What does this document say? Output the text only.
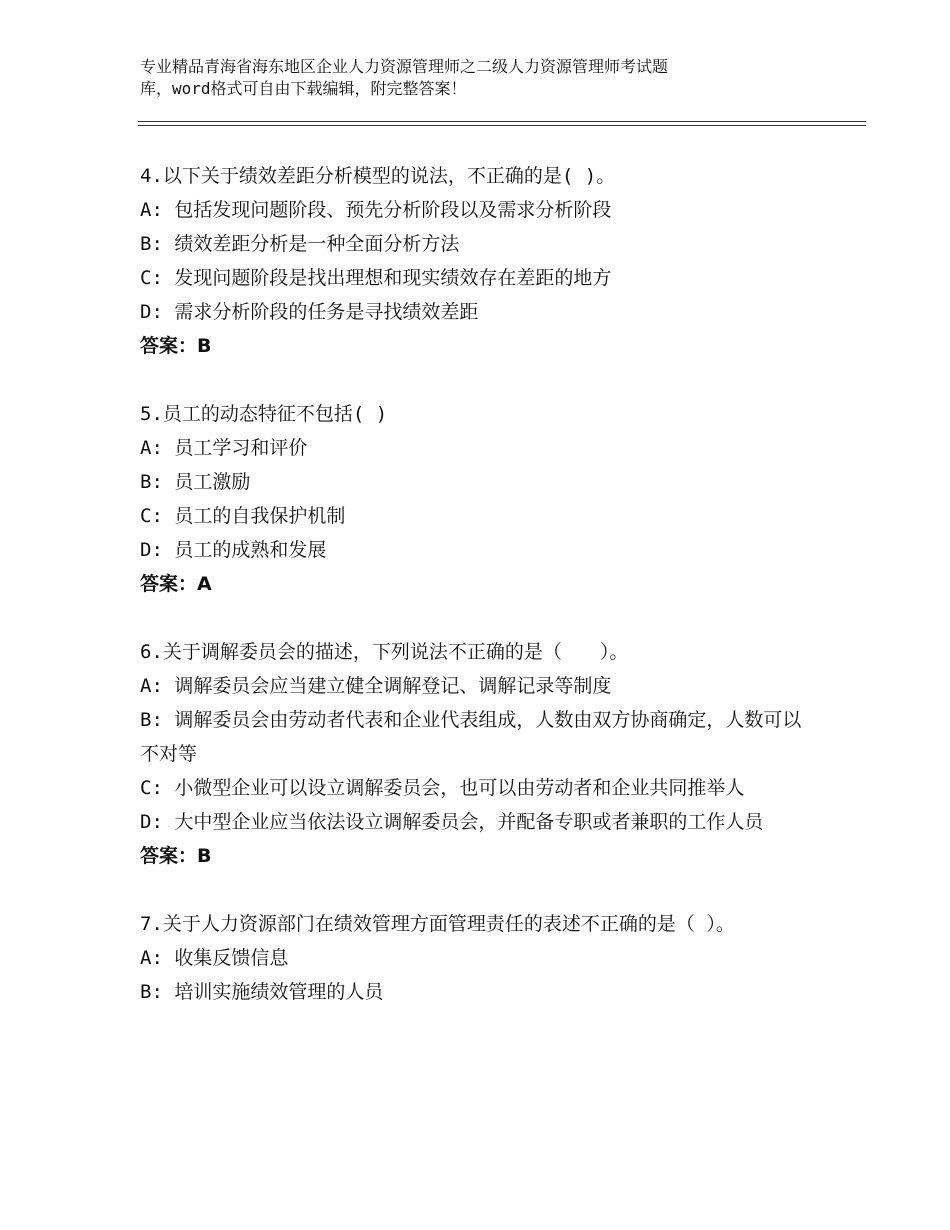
专业精品青海省海东地区企业人力资源管理师之二级人力资源管理师考试题
库，word格式可自由下载编辑，附完整答案！
4.以下关于绩效差距分析模型的说法，不正确的是( )。
A: 包括发现问题阶段、预先分析阶段以及需求分析阶段
B: 绩效差距分析是一种全面分析方法
C: 发现问题阶段是找出理想和现实绩效存在差距的地方
D: 需求分析阶段的任务是寻找绩效差距
答案：B
5.员工的动态特征不包括( )
A: 员工学习和评价
B: 员工激励
C: 员工的自我保护机制
D: 员工的成熟和发展
答案：A
6.关于调解委员会的描述，下列说法不正确的是（　　）。
A: 调解委员会应当建立健全调解登记、调解记录等制度
B: 调解委员会由劳动者代表和企业代表组成，人数由双方协商确定，人数可以不对等
C: 小微型企业可以设立调解委员会，也可以由劳动者和企业共同推举人
D: 大中型企业应当依法设立调解委员会，并配备专职或者兼职的工作人员
答案：B
7.关于人力资源部门在绩效管理方面管理责任的表述不正确的是（ ）。
A: 收集反馈信息
B: 培训实施绩效管理的人员
